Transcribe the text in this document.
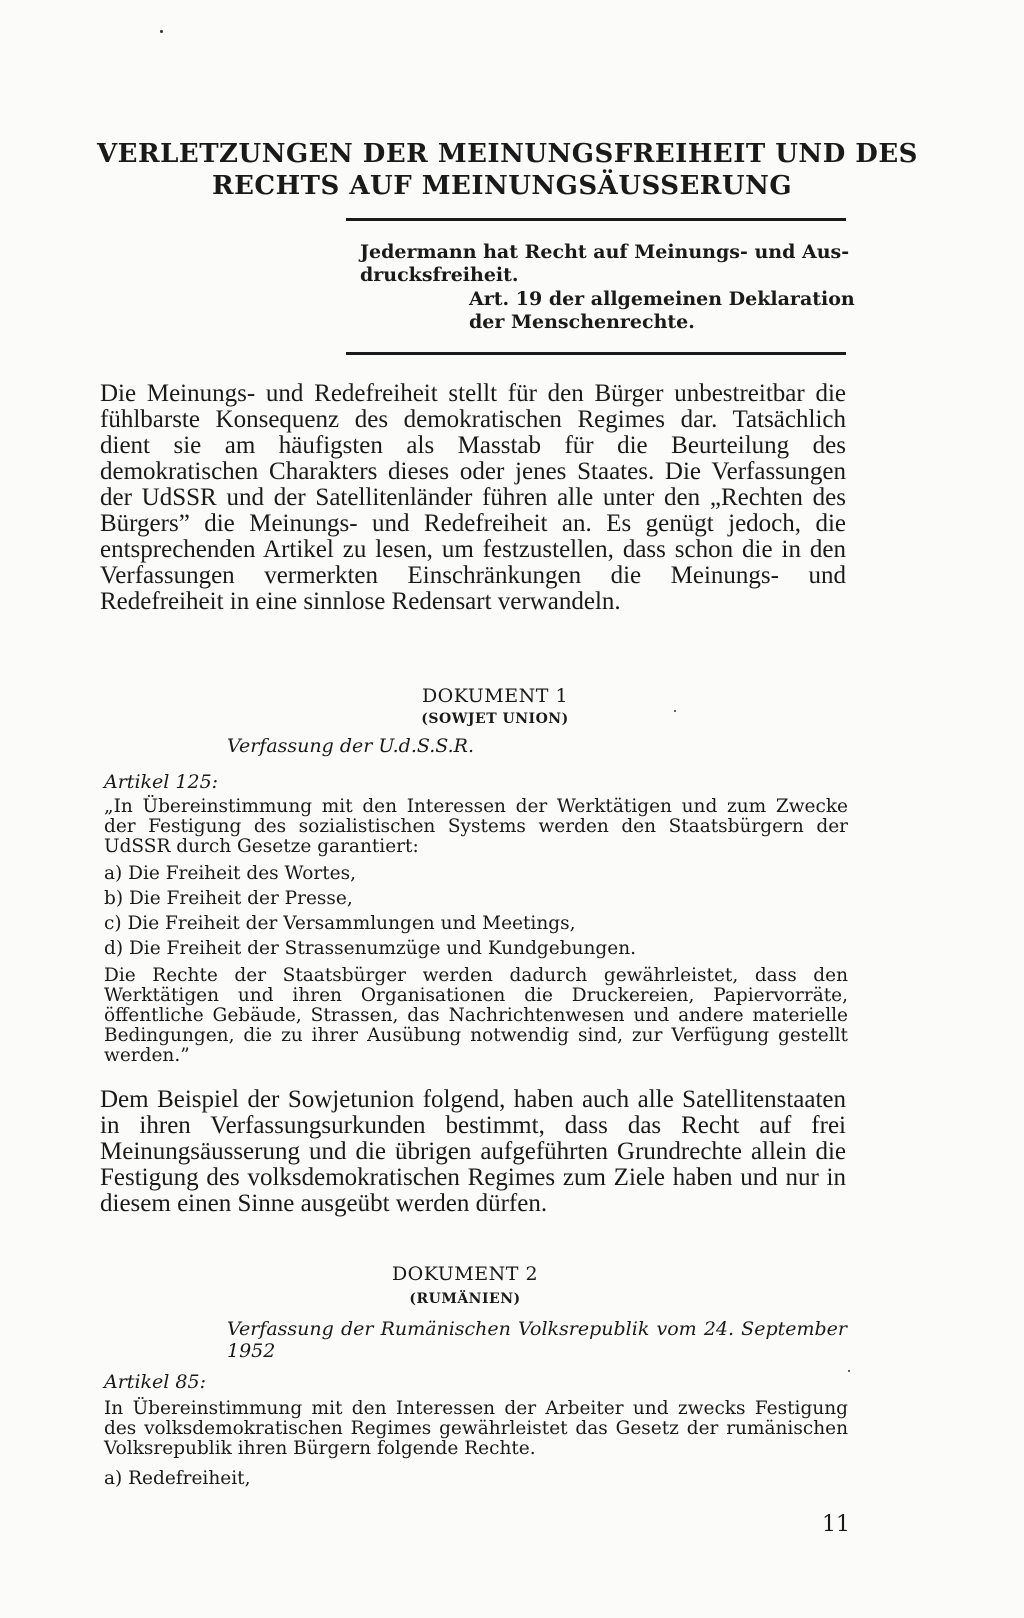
VERLETZUNGEN DER MEINUNGSFREIHEIT UND DES
RECHTS AUF MEINUNGSÄUSSERUNG
Jedermann hat Recht auf Meinungs- und Aus-
drucksfreiheit.
Art. 19 der allgemeinen Deklaration
der Menschenrechte.
Die Meinungs- und Redefreiheit stellt für den Bürger unbestreitbar die fühlbarste Konsequenz des demokratischen Regimes dar. Tatsächlich dient sie am häufigsten als Masstab für die Beurteilung des demokratischen Charakters dieses oder jenes Staates. Die Verfassungen der UdSSR und der Satellitenländer führen alle unter den „Rechten des Bürgers” die Meinungs- und Redefreiheit an. Es genügt jedoch, die entsprechenden Artikel zu lesen, um festzustellen, dass schon die in den Verfassungen vermerkten Einschränkungen die Meinungs- und Redefreiheit in eine sinnlose Redensart verwandeln.
DOKUMENT 1
(SOWJET UNION)
Verfassung der U.d.S.S.R.
Artikel 125:
„In Übereinstimmung mit den Interessen der Werktätigen und zum Zwecke der Festigung des sozialistischen Systems werden den Staatsbürgern der UdSSR durch Gesetze garantiert:
a) Die Freiheit des Wortes,
b) Die Freiheit der Presse,
c) Die Freiheit der Versammlungen und Meetings,
d) Die Freiheit der Strassenumzüge und Kundgebungen.
Die Rechte der Staatsbürger werden dadurch gewährleistet, dass den Werktätigen und ihren Organisationen die Druckereien, Papiervorräte, öffentliche Gebäude, Strassen, das Nachrichtenwesen und andere materielle Bedingungen, die zu ihrer Ausübung notwendig sind, zur Verfügung gestellt werden.”
Dem Beispiel der Sowjetunion folgend, haben auch alle Satellitenstaaten in ihren Verfassungsurkunden bestimmt, dass das Recht auf frei Meinungsäusserung und die übrigen aufgeführten Grundrechte allein die Festigung des volksdemokratischen Regimes zum Ziele haben und nur in diesem einen Sinne ausgeübt werden dürfen.
DOKUMENT 2
(RUMÄNIEN)
Verfassung der Rumänischen Volksrepublik vom 24. September 1952
Artikel 85:
In Übereinstimmung mit den Interessen der Arbeiter und zwecks Festigung des volksdemokratischen Regimes gewährleistet das Gesetz der rumänischen Volksrepublik ihren Bürgern folgende Rechte.
a) Redefreiheit,
11
